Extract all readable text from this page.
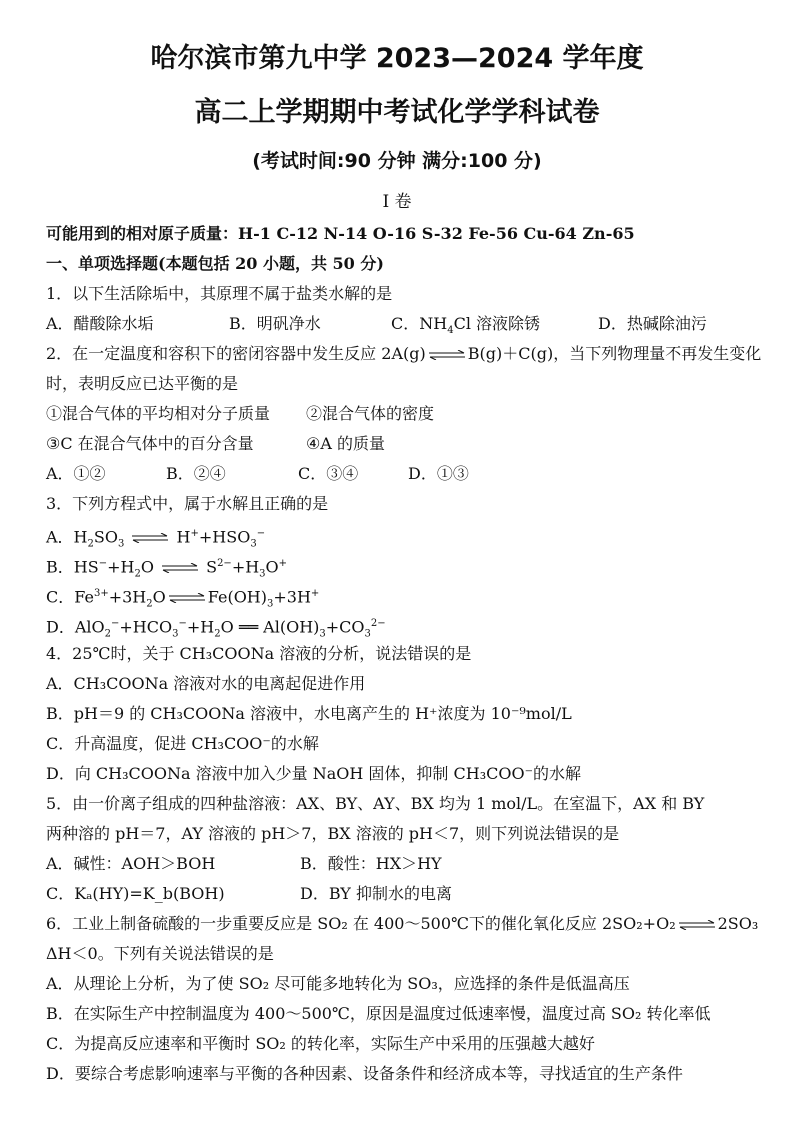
哈尔滨市第九中学 2023—2024 学年度
高二上学期期中考试化学学科试卷
(考试时间:90 分钟 满分:100 分)
I 卷
可能用到的相对原子质量：H-1 C-12 N-14 O-16 S-32 Fe-56 Cu-64 Zn-65
一、单项选择题(本题包括 20 小题，共 50 分)
1．以下生活除垢中，其原理不属于盐类水解的是
A．醋酸除水垢	B．明矾净水	C．$NH_4Cl$ 溶液除锈	D．热碱除油污
2．在一定温度和容积下的密闭容器中发生反应 2A(g) ⇌ B(g)＋C(g)，当下列物理量不再发生变化
时，表明反应已达平衡的是
①混合气体的平均相对分子质量 ②混合气体的密度
③C 在混合气体中的百分含量	④A 的质量
A．①②	B．②④	C．③④	D．①③
3．下列方程式中，属于水解且正确的是
A．$H_2SO_3$ ⇌ $H^++HSO_3^-$
B．$HS^-+H_2O$ ⇌ $S^{2-}+H_3O^+$
C．$Fe^{3+}+3H_2O$ ⇌ $Fe(OH)_3+3H^+$
D．$AlO_2^-+HCO_3^-+H_2O$ ══ $Al(OH)_3+CO_3^{2-}$
4．25℃时，关于 CH₃COONa 溶液的分析，说法错误的是
A．CH₃COONa 溶液对水的电离起促进作用
B．pH＝9 的 CH₃COONa 溶液中，水电离产生的 H⁺浓度为 10⁻⁹mol/L
C．升高温度，促进 CH₃COO⁻的水解
D．向 CH₃COONa 溶液中加入少量 NaOH 固体，抑制 CH₃COO⁻的水解
5．由一价离子组成的四种盐溶液：AX、BY、AY、BX 均为 1 mol/L。在室温下，AX 和 BY
两种溶的 pH＝7，AY 溶液的 pH＞7，BX 溶液的 pH＜7，则下列说法错误的是
A．碱性：AOH＞BOH	B．酸性：HX＞HY
C．Kₐ(HY)=K_b(BOH)	D．BY 抑制水的电离
6．工业上制备硫酸的一步重要反应是 SO₂ 在 400～500℃下的催化氧化反应 2SO₂+O₂ ⇌ 2SO₃
ΔH＜0。下列有关说法错误的是
A．从理论上分析，为了使 SO₂ 尽可能多地转化为 SO₃，应选择的条件是低温高压
B．在实际生产中控制温度为 400～500℃，原因是温度过低速率慢，温度过高 SO₂ 转化率低
C．为提高反应速率和平衡时 SO₂ 的转化率，实际生产中采用的压强越大越好
D．要综合考虑影响速率与平衡的各种因素、设备条件和经济成本等，寻找适宜的生产条件
